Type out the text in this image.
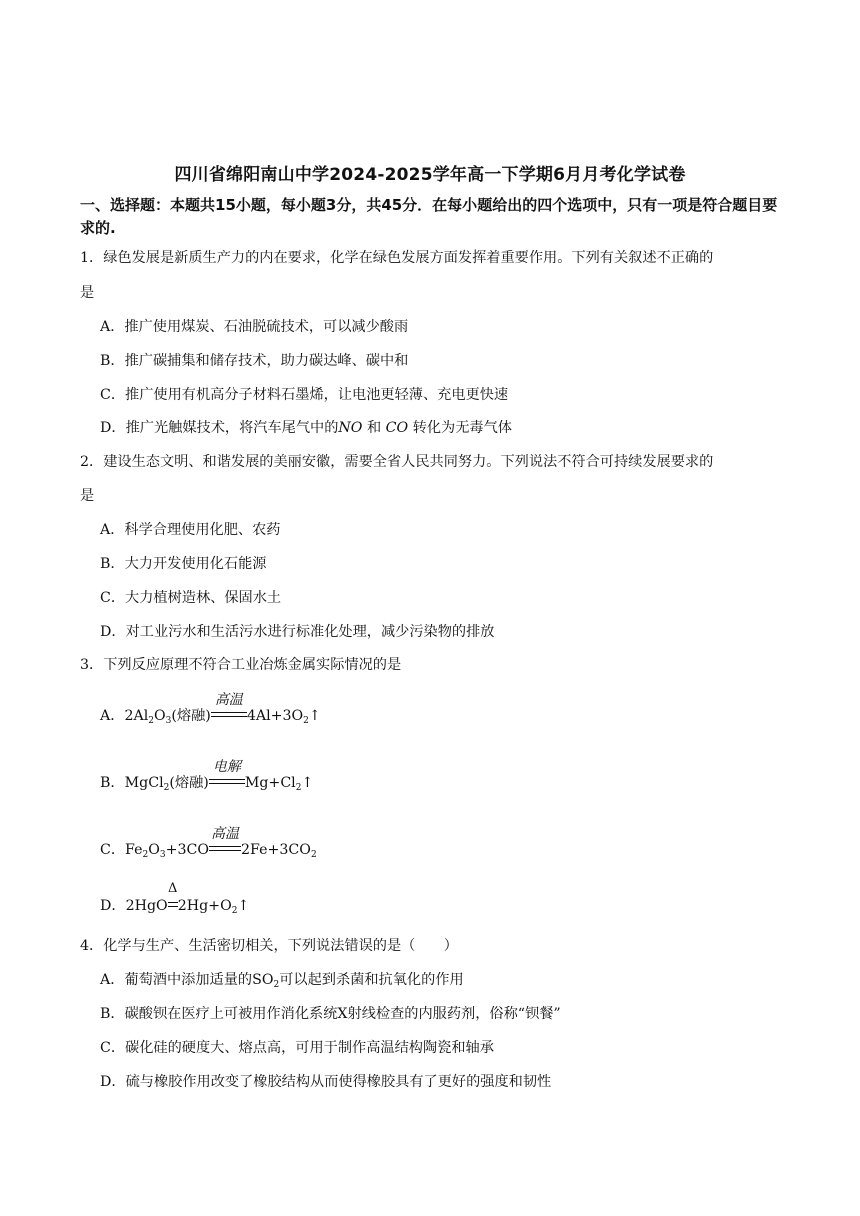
四川省绵阳南山中学2024-2025学年高一下学期6月月考化学试卷
一、选择题：本题共15小题，每小题3分，共45分．在每小题给出的四个选项中，只有一项是符合题目要求的.
1．绿色发展是新质生产力的内在要求，化学在绿色发展方面发挥着重要作用。下列有关叙述不正确的
是
A．推广使用煤炭、石油脱硫技术，可以减少酸雨
B．推广碳捕集和储存技术，助力碳达峰、碳中和
C．推广使用有机高分子材料石墨烯，让电池更轻薄、充电更快速
D．推广光触媒技术，将汽车尾气中的NO 和 CO 转化为无毒气体
2．建设生态文明、和谐发展的美丽安徽，需要全省人民共同努力。下列说法不符合可持续发展要求的
是
A．科学合理使用化肥、农药
B．大力开发使用化石能源
C．大力植树造林、保固水土
D．对工业污水和生活污水进行标准化处理，减少污染物的排放
3．下列反应原理不符合工业冶炼金属实际情况的是
A．$2Al_2O_3$(熔融)
高温
$4Al+3O_2↑$
B．MgCl$_2$(熔融)
电解
$Mg+Cl_2↑$
C．$Fe_2O_3+3CO$
高温
$2Fe+3CO_2$
D．2HgO
Δ
$2Hg+O_2↑$
4．化学与生产、生活密切相关，下列说法错误的是（　　）
A．葡萄酒中添加适量的$SO_2$可以起到杀菌和抗氧化的作用
B．碳酸钡在医疗上可被用作消化系统X射线检查的内服药剂，俗称“钡餐”
C．碳化硅的硬度大、熔点高，可用于制作高温结构陶瓷和轴承
D．硫与橡胶作用改变了橡胶结构从而使得橡胶具有了更好的强度和韧性
